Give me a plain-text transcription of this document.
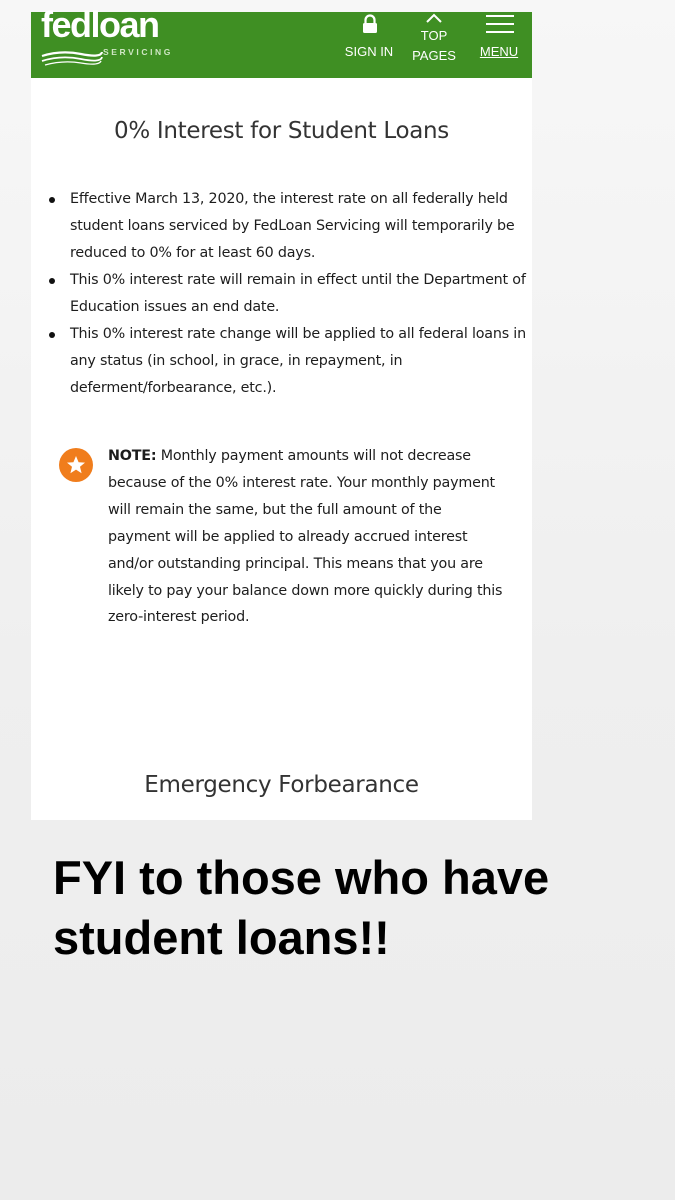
fedloan
SERVICING	SIGN IN
TOP
PAGES	MENU
0% Interest for Student Loans
Effective March 13, 2020, the interest rate on all federally held student loans serviced by FedLoan Servicing will temporarily be reduced to 0% for at least 60 days.
This 0% interest rate will remain in effect until the Department of Education issues an end date.
This 0% interest rate change will be applied to all federal loans in any status (in school, in grace, in repayment, in deferment/forbearance, etc.).
NOTE: Monthly payment amounts will not decrease because of the 0% interest rate. Your monthly payment will remain the same, but the full amount of the payment will be applied to already accrued interest and/or outstanding principal. This means that you are likely to pay your balance down more quickly during this zero-interest period.
Emergency Forbearance
FYI to those who have
student loans!!
